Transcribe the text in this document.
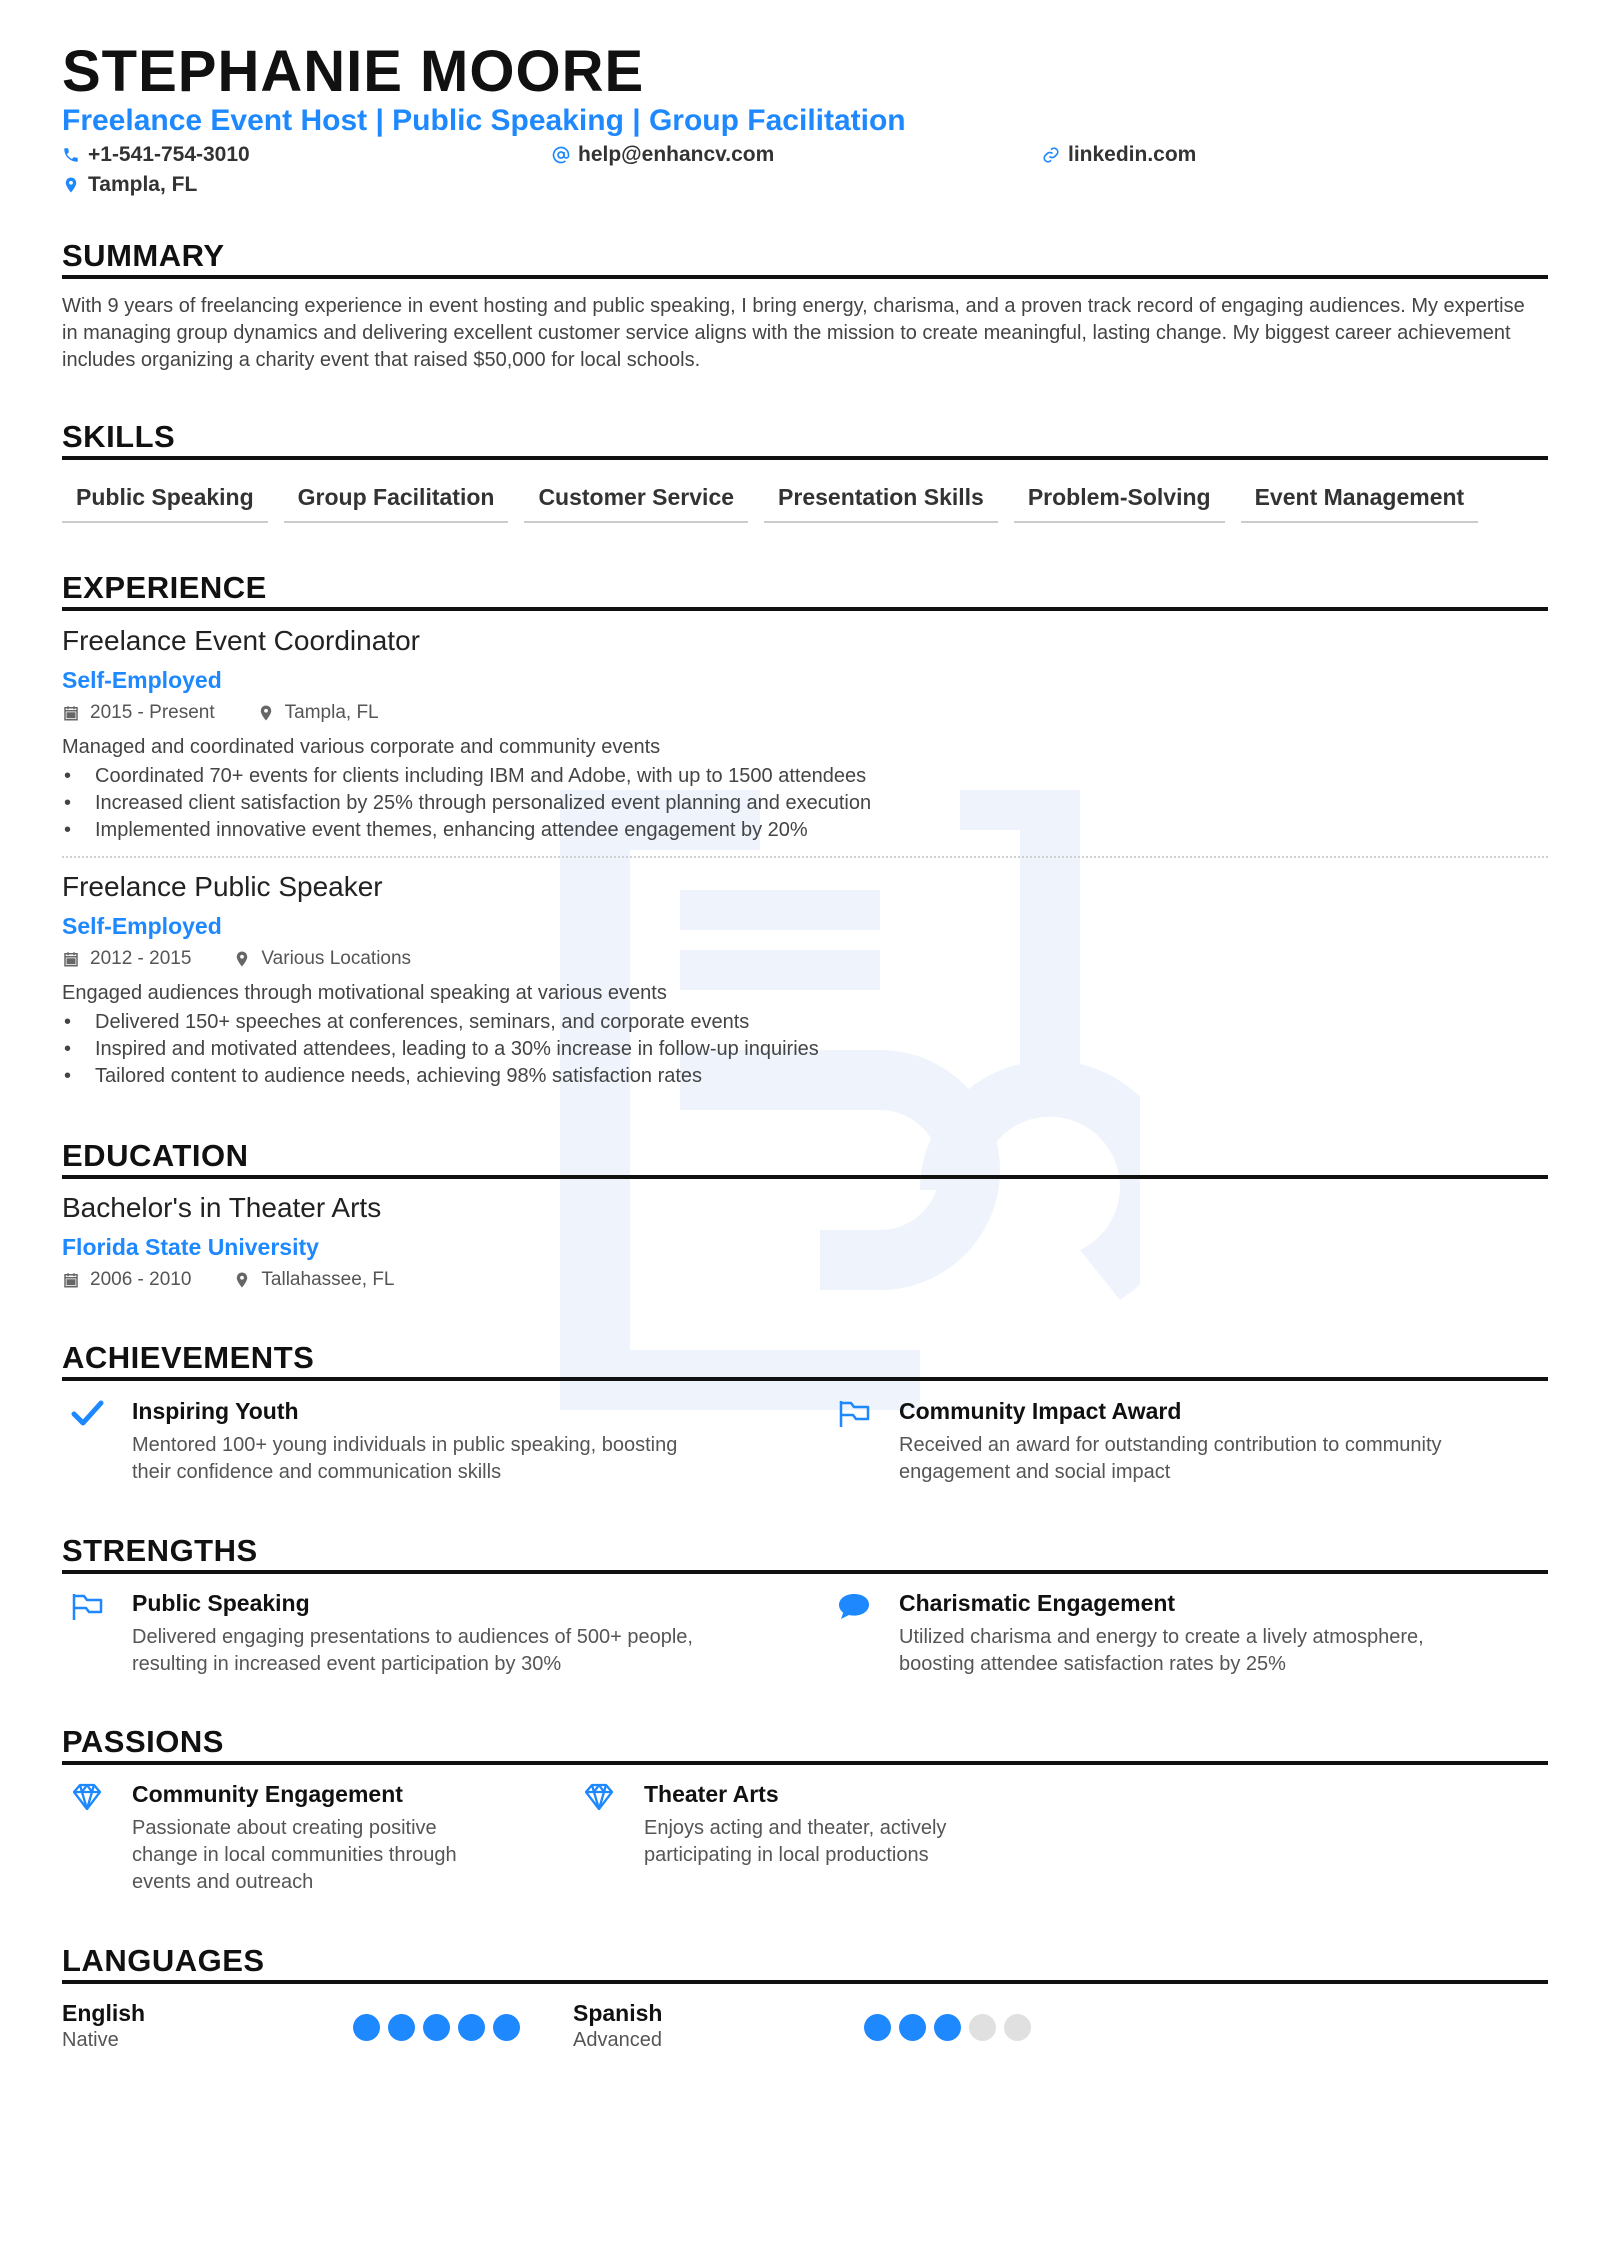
STEPHANIE MOORE
Freelance Event Host | Public Speaking | Group Facilitation
+1-541-754-3010	help@enhancv.com	linkedin.com
Tampla, FL
SUMMARY
With 9 years of freelancing experience in event hosting and public speaking, I bring energy, charisma, and a proven track record of engaging audiences. My expertise in managing group dynamics and delivering excellent customer service aligns with the mission to create meaningful, lasting change. My biggest career achievement includes organizing a charity event that raised $50,000 for local schools.
SKILLS
Public Speaking	Group Facilitation	Customer Service	Presentation Skills	Problem-Solving	Event Management
EXPERIENCE
Freelance Event Coordinator
Self-Employed
2015 - Present	Tampla, FL
Managed and coordinated various corporate and community events
• Coordinated 70+ events for clients including IBM and Adobe, with up to 1500 attendees
• Increased client satisfaction by 25% through personalized event planning and execution
• Implemented innovative event themes, enhancing attendee engagement by 20%
Freelance Public Speaker
Self-Employed
2012 - 2015	Various Locations
Engaged audiences through motivational speaking at various events
• Delivered 150+ speeches at conferences, seminars, and corporate events
• Inspired and motivated attendees, leading to a 30% increase in follow-up inquiries
• Tailored content to audience needs, achieving 98% satisfaction rates
EDUCATION
Bachelor's in Theater Arts
Florida State University
2006 - 2010	Tallahassee, FL
ACHIEVEMENTS
Inspiring Youth
Mentored 100+ young individuals in public speaking, boosting
their confidence and communication skills
Community Impact Award
Received an award for outstanding contribution to community
engagement and social impact
STRENGTHS
Public Speaking
Delivered engaging presentations to audiences of 500+ people,
resulting in increased event participation by 30%
Charismatic Engagement
Utilized charisma and energy to create a lively atmosphere,
boosting attendee satisfaction rates by 25%
PASSIONS
Community Engagement
Passionate about creating positive
change in local communities through
events and outreach
Theater Arts
Enjoys acting and theater, actively
participating in local productions
LANGUAGES
English
Native
Spanish
Advanced
